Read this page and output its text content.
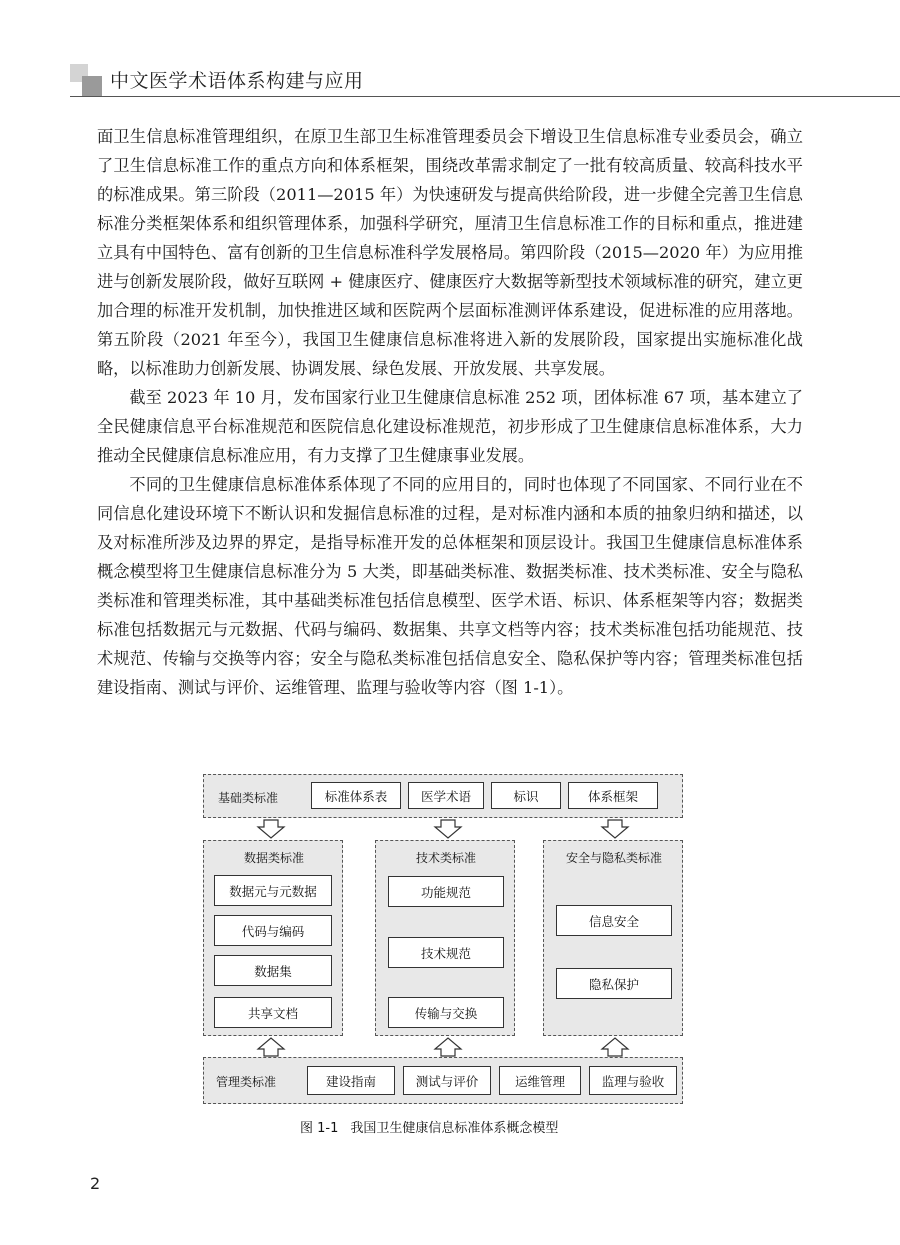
中文医学术语体系构建与应用

面卫生信息标准管理组织，在原卫生部卫生标准管理委员会下增设卫生信息标准专业委员会，确立了卫生信息标准工作的重点方向和体系框架，围绕改革需求制定了一批有较高质量、较高科技水平的标准成果。第三阶段（2011—2015 年）为快速研发与提高供给阶段，进一步健全完善卫生信息标准分类框架体系和组织管理体系，加强科学研究，厘清卫生信息标准工作的目标和重点，推进建立具有中国特色、富有创新的卫生信息标准科学发展格局。第四阶段（2015—2020 年）为应用推进与创新发展阶段，做好互联网 + 健康医疗、健康医疗大数据等新型技术领域标准的研究，建立更加合理的标准开发机制，加快推进区域和医院两个层面标准测评体系建设，促进标准的应用落地。第五阶段（2021 年至今），我国卫生健康信息标准将进入新的发展阶段，国家提出实施标准化战略，以标准助力创新发展、协调发展、绿色发展、开放发展、共享发展。

截至 2023 年 10 月，发布国家行业卫生健康信息标准 252 项，团体标准 67 项，基本建立了全民健康信息平台标准规范和医院信息化建设标准规范，初步形成了卫生健康信息标准体系，大力推动全民健康信息标准应用，有力支撑了卫生健康事业发展。

不同的卫生健康信息标准体系体现了不同的应用目的，同时也体现了不同国家、不同行业在不同信息化建设环境下不断认识和发掘信息标准的过程，是对标准内涵和本质的抽象归纳和描述，以及对标准所涉及边界的界定，是指导标准开发的总体框架和顶层设计。我国卫生健康信息标准体系概念模型将卫生健康信息标准分为 5 大类，即基础类标准、数据类标准、技术类标准、安全与隐私类标准和管理类标准，其中基础类标准包括信息模型、医学术语、标识、体系框架等内容；数据类标准包括数据元与元数据、代码与编码、数据集、共享文档等内容；技术类标准包括功能规范、技术规范、传输与交换等内容；安全与隐私类标准包括信息安全、隐私保护等内容；管理类标准包括建设指南、测试与评价、运维管理、监理与验收等内容（图 1-1）。

基础类标准	标准体系表	医学术语	标识	体系框架
数据类标准
数据元与元数据
代码与编码
数据集
共享文档
技术类标准
功能规范
技术规范
传输与交换
安全与隐私类标准
信息安全
隐私保护
管理类标准	建设指南	测试与评价	运维管理	监理与验收
图 1-1 我国卫生健康信息标准体系概念模型
2
